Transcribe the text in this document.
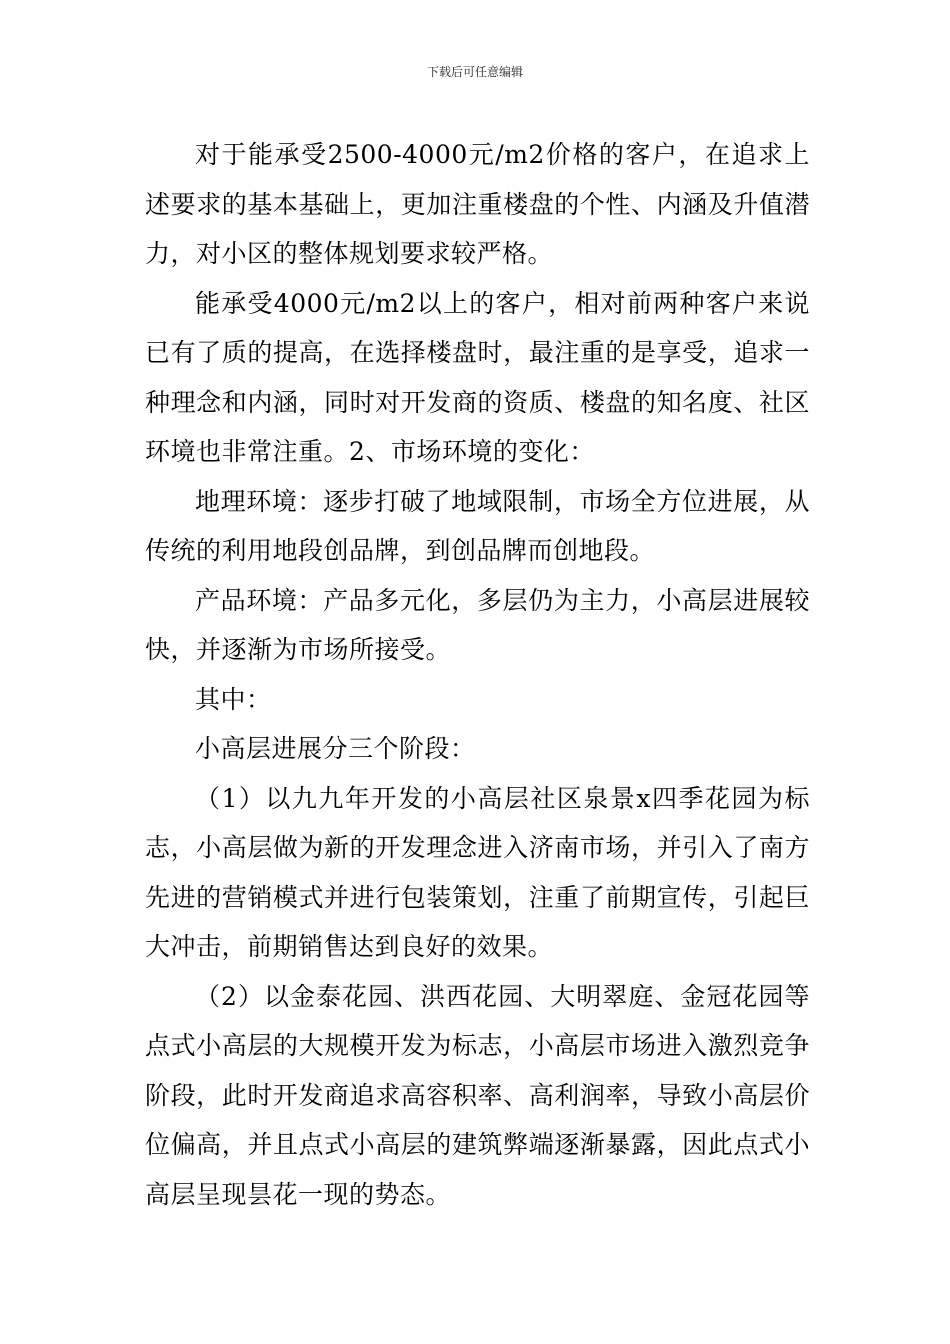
下载后可任意编辑

对于能承受2500-4000元/m2价格的客户，在追求上述要求的基本基础上，更加注重楼盘的个性、内涵及升值潜力，对小区的整体规划要求较严格。

能承受4000元/m2以上的客户，相对前两种客户来说已有了质的提高，在选择楼盘时，最注重的是享受，追求一种理念和内涵，同时对开发商的资质、楼盘的知名度、社区环境也非常注重。2、市场环境的变化：

地理环境：逐步打破了地域限制，市场全方位进展，从传统的利用地段创品牌，到创品牌而创地段。

产品环境：产品多元化，多层仍为主力，小高层进展较快，并逐渐为市场所接受。

其中：

小高层进展分三个阶段：

（1）以九九年开发的小高层社区泉景x四季花园为标志，小高层做为新的开发理念进入济南市场，并引入了南方先进的营销模式并进行包装策划，注重了前期宣传，引起巨大冲击，前期销售达到良好的效果。

（2）以金泰花园、洪西花园、大明翠庭、金冠花园等点式小高层的大规模开发为标志，小高层市场进入激烈竞争阶段，此时开发商追求高容积率、高利润率，导致小高层价位偏高，并且点式小高层的建筑弊端逐渐暴露，因此点式小高层呈现昙花一现的势态。
